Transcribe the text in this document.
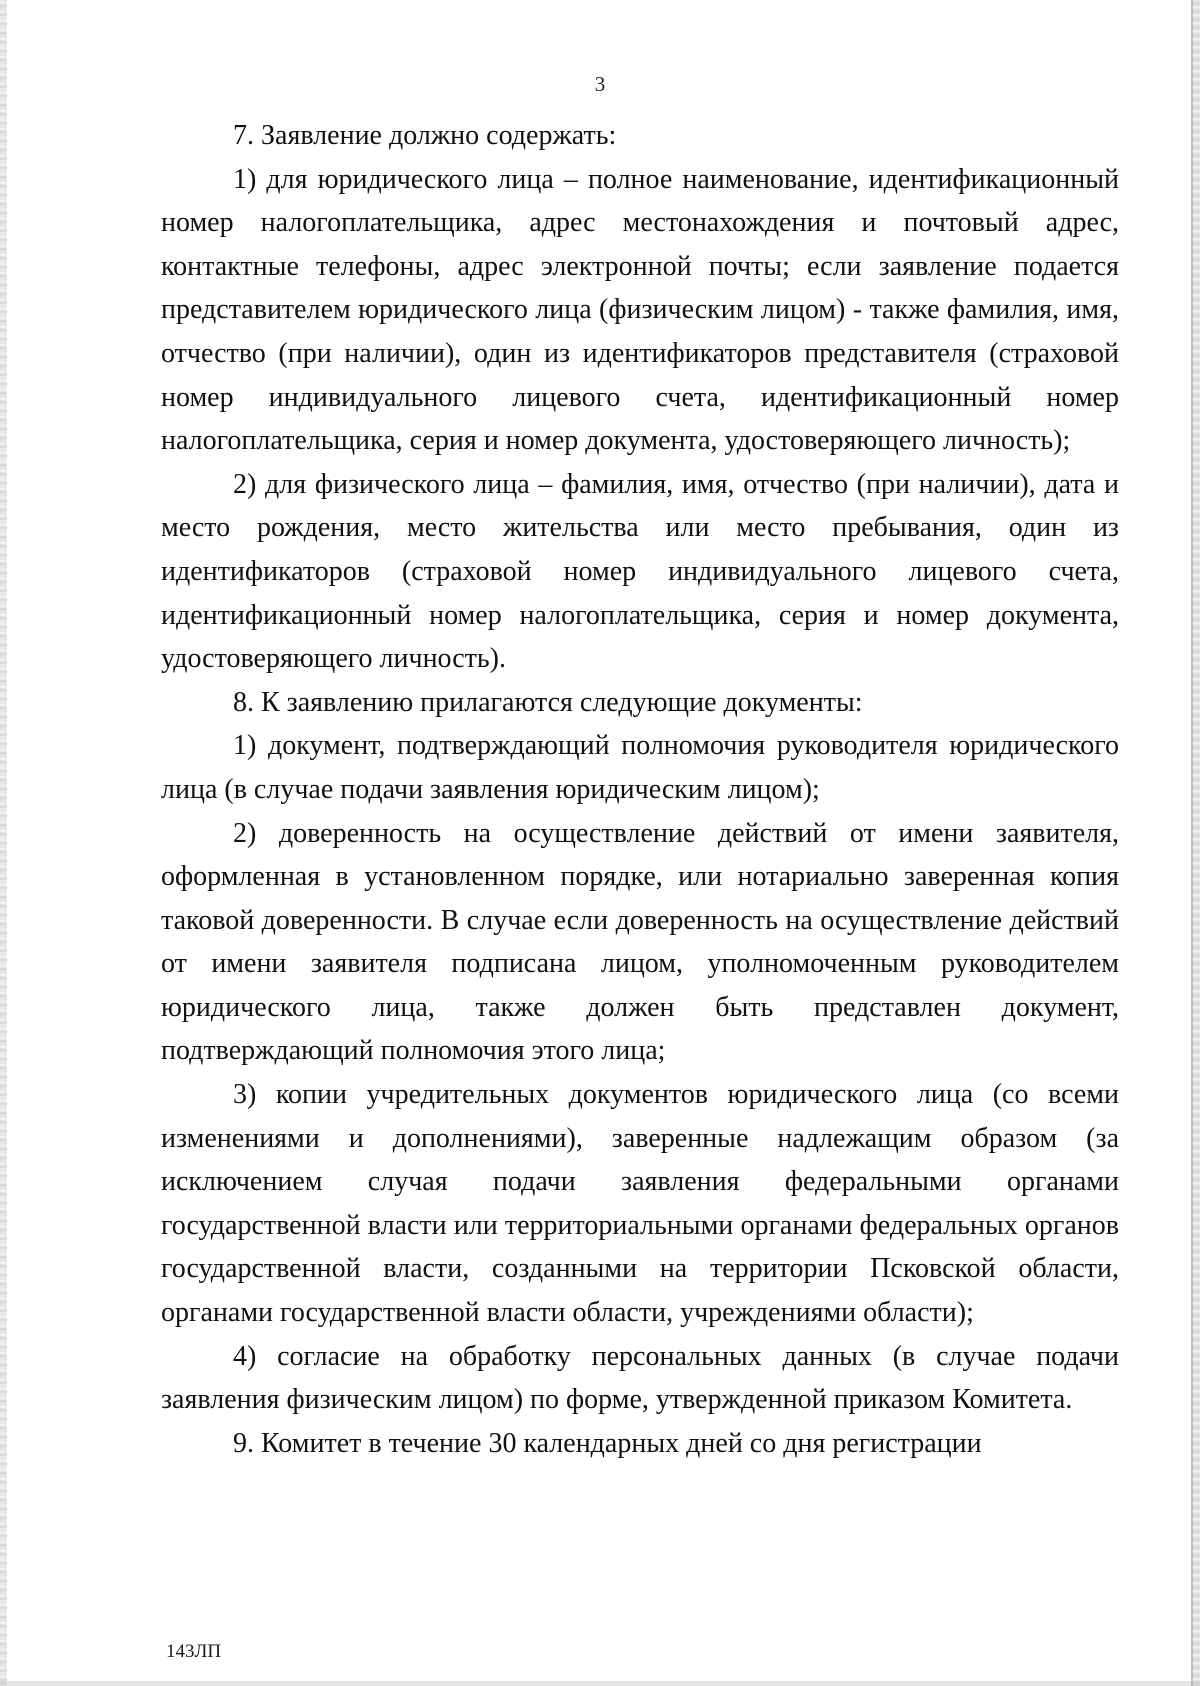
3

7. Заявление должно содержать:

1) для юридического лица – полное наименование, идентификационный номер налогоплательщика, адрес местонахождения и почтовый адрес, контактные телефоны, адрес электронной почты; если заявление подается представителем юридического лица (физическим лицом) - также фамилия, имя, отчество (при наличии), один из идентификаторов представителя (страховой номер индивидуального лицевого счета, идентификационный номер налогоплательщика, серия и номер документа, удостоверяющего личность);

2) для физического лица – фамилия, имя, отчество (при наличии), дата и место рождения, место жительства или место пребывания, один из идентификаторов (страховой номер индивидуального лицевого счета, идентификационный номер налогоплательщика, серия и номер документа, удостоверяющего личность).

8. К заявлению прилагаются следующие документы:

1) документ, подтверждающий полномочия руководителя юридического лица (в случае подачи заявления юридическим лицом);

2) доверенность на осуществление действий от имени заявителя, оформленная в установленном порядке, или нотариально заверенная копия таковой доверенности. В случае если доверенность на осуществление действий от имени заявителя подписана лицом, уполномоченным руководителем юридического лица, также должен быть представлен документ, подтверждающий полномочия этого лица;

3) копии учредительных документов юридического лица (со всеми изменениями и дополнениями), заверенные надлежащим образом (за исключением случая подачи заявления федеральными органами государственной власти или территориальными органами федеральных органов государственной власти, созданными на территории Псковской области, органами государственной власти области, учреждениями области);

4) согласие на обработку персональных данных (в случае подачи заявления физическим лицом) по форме, утвержденной приказом Комитета.

9. Комитет в течение 30 календарных дней со дня регистрации

143ЛП
